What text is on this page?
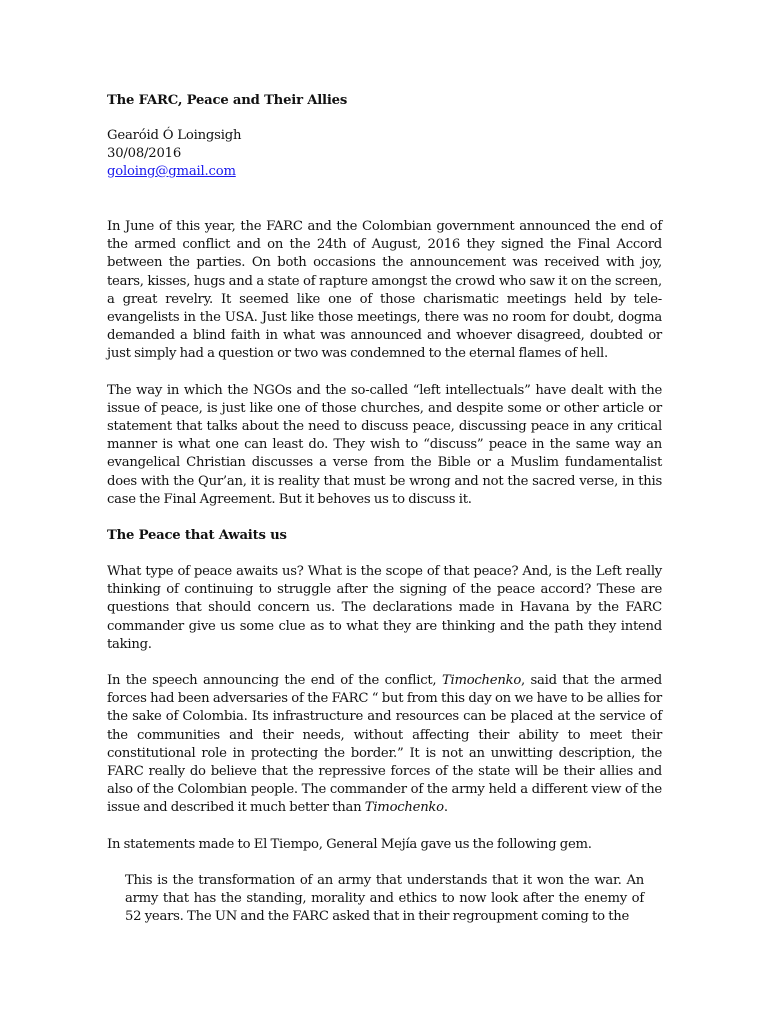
The FARC, Peace and Their Allies
Gearóid Ó Loingsigh
30/08/2016
goloing@gmail.com

In June of this year, the FARC and the Colombian government announced the end of the armed conflict and on the 24th of August, 2016 they signed the Final Accord between the parties. On both occasions the announcement was received with joy, tears, kisses, hugs and a state of rapture amongst the crowd who saw it on the screen, a great revelry. It seemed like one of those charismatic meetings held by tele-evangelists in the USA. Just like those meetings, there was no room for doubt, dogma demanded a blind faith in what was announced and whoever disagreed, doubted or just simply had a question or two was condemned to the eternal flames of hell.

The way in which the NGOs and the so-called “left intellectuals” have dealt with the issue of peace, is just like one of those churches, and despite some or other article or statement that talks about the need to discuss peace, discussing peace in any critical manner is what one can least do. They wish to “discuss” peace in the same way an evangelical Christian discusses a verse from the Bible or a Muslim fundamentalist does with the Qur’an, it is reality that must be wrong and not the sacred verse, in this case the Final Agreement. But it behoves us to discuss it.

The Peace that Awaits us

What type of peace awaits us? What is the scope of that peace? And, is the Left really thinking of continuing to struggle after the signing of the peace accord? These are questions that should concern us. The declarations made in Havana by the FARC commander give us some clue as to what they are thinking and the path they intend taking.

In the speech announcing the end of the conflict, Timochenko, said that the armed forces had been adversaries of the FARC “ but from this day on we have to be allies for the sake of Colombia. Its infrastructure and resources can be placed at the service of the communities and their needs, without affecting their ability to meet their constitutional role in protecting the border.” It is not an unwitting description, the FARC really do believe that the repressive forces of the state will be their allies and also of the Colombian people. The commander of the army held a different view of the issue and described it much better than Timochenko.

In statements made to El Tiempo, General Mejía gave us the following gem.

This is the transformation of an army that understands that it won the war. An army that has the standing, morality and ethics to now look after the enemy of 52 years. The UN and the FARC asked that in their regroupment coming to the
